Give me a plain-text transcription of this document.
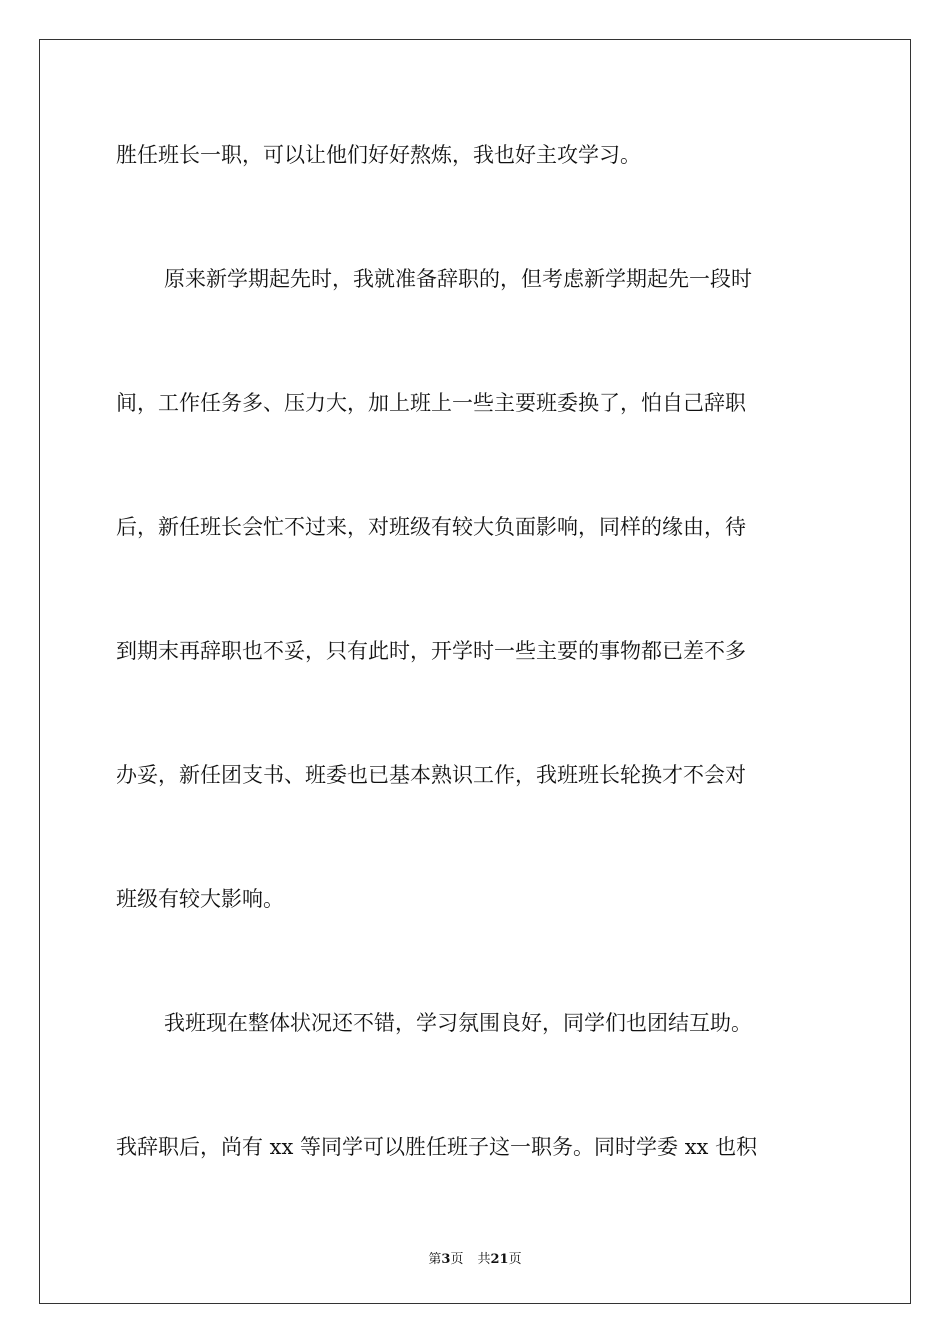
胜任班长一职，可以让他们好好熬炼，我也好主攻学习。
原来新学期起先时，我就准备辞职的，但考虑新学期起先一段时
间，工作任务多、压力大，加上班上一些主要班委换了，怕自己辞职
后，新任班长会忙不过来，对班级有较大负面影响，同样的缘由，待
到期末再辞职也不妥，只有此时，开学时一些主要的事物都已差不多
办妥，新任团支书、班委也已基本熟识工作，我班班长轮换才不会对
班级有较大影响。
我班现在整体状况还不错，学习氛围良好，同学们也团结互助。
我辞职后，尚有 xx 等同学可以胜任班子这一职务。同时学委 xx 也积
第3页 共21页
